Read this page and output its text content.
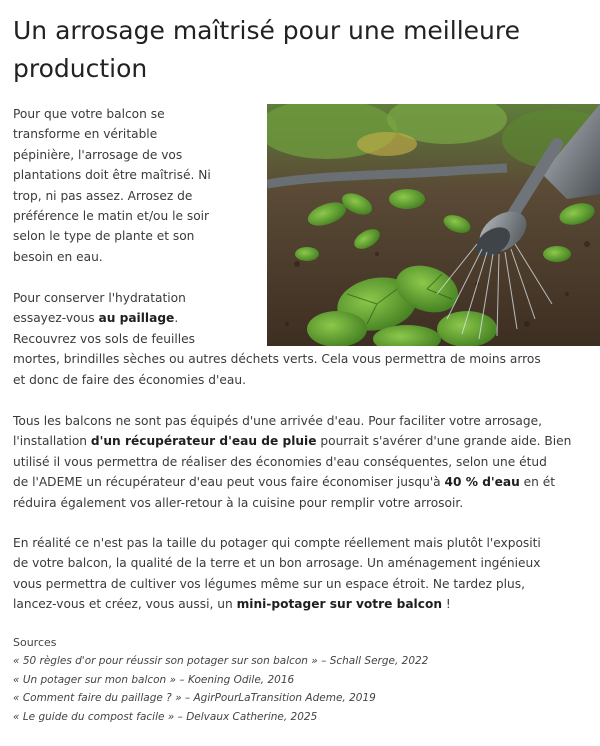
Un arrosage maîtrisé pour une meilleure
production

Pour que votre balcon se
transforme en véritable
pépinière, l'arrosage de vos
plantations doit être maîtrisé. Ni
trop, ni pas assez. Arrosez de
préférence le matin et/ou le soir
selon le type de plante et son
besoin en eau.

Pour conserver l'hydratation
essayez-vous au paillage.
Recouvrez vos sols de feuilles
mortes, brindilles sèches ou autres déchets verts. Cela vous permettra de moins arros
et donc de faire des économies d'eau.

Tous les balcons ne sont pas équipés d'une arrivée d'eau. Pour faciliter votre arrosage,
l'installation d'un récupérateur d'eau de pluie pourrait s'avérer d'une grande aide. Bien
utilisé il vous permettra de réaliser des économies d'eau conséquentes, selon une étud
de l'ADEME un récupérateur d'eau peut vous faire économiser jusqu'à 40 % d'eau en ét
réduira également vos aller-retour à la cuisine pour remplir votre arrosoir.

En réalité ce n'est pas la taille du potager qui compte réellement mais plutôt l'expositi
de votre balcon, la qualité de la terre et un bon arrosage. Un aménagement ingénieux
vous permettra de cultiver vos légumes même sur un espace étroit. Ne tardez plus,
lancez-vous et créez, vous aussi, un mini-potager sur votre balcon !

Sources
« 50 règles d'or pour réussir son potager sur son balcon » – Schall Serge, 2022
« Un potager sur mon balcon » – Koening Odile, 2016
« Comment faire du paillage ? » – AgirPourLaTransition Ademe, 2019
« Le guide du compost facile » – Delvaux Catherine, 2025
